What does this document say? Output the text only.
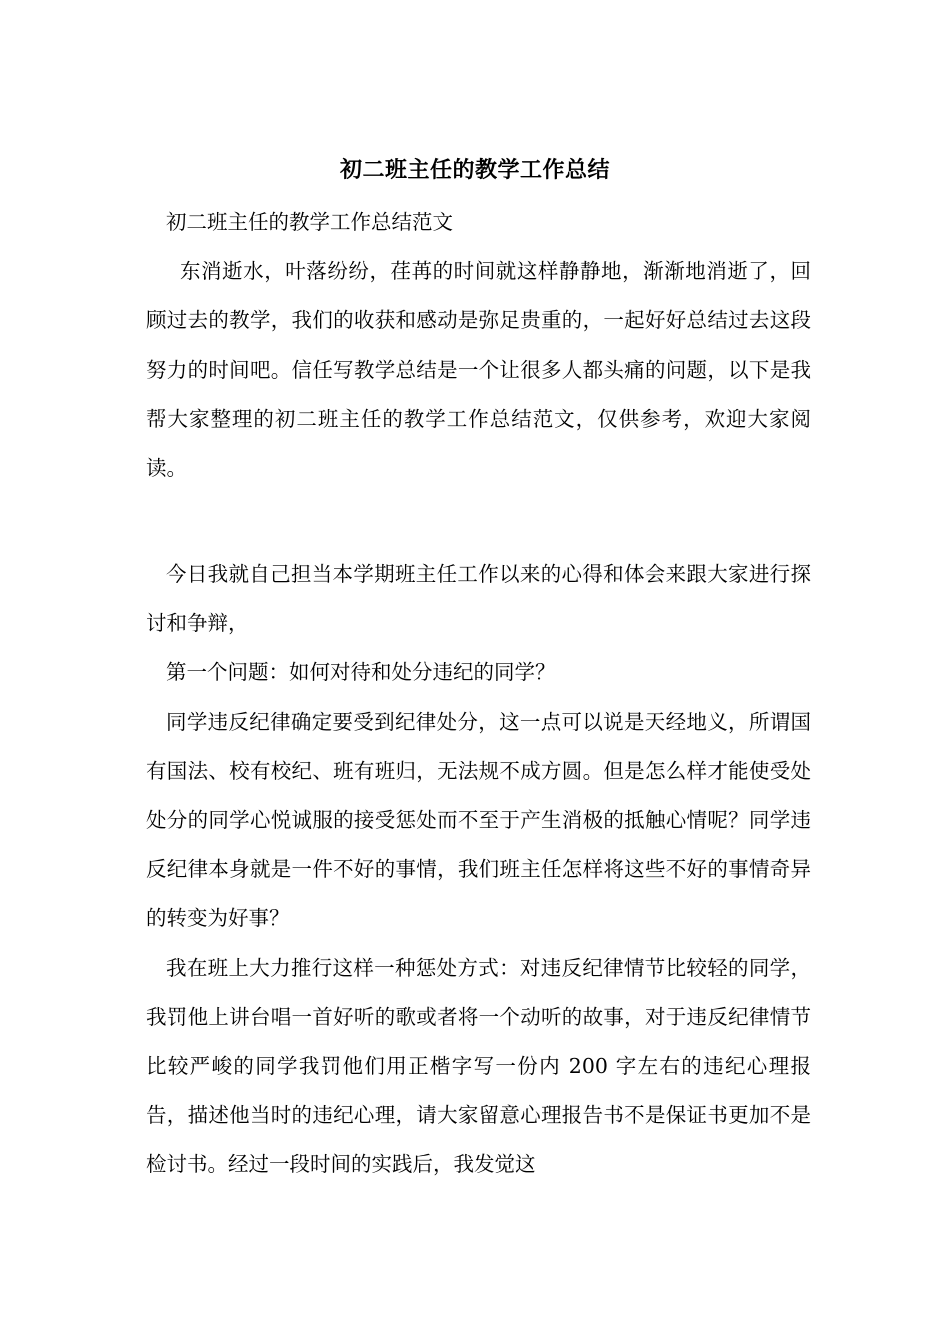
初二班主任的教学工作总结

初二班主任的教学工作总结范文

东消逝水，叶落纷纷，荏苒的时间就这样静静地，渐渐地消逝了，回顾过去的教学，我们的收获和感动是弥足贵重的，一起好好总结过去这段努力的时间吧。信任写教学总结是一个让很多人都头痛的问题，以下是我帮大家整理的初二班主任的教学工作总结范文，仅供参考，欢迎大家阅读。

今日我就自己担当本学期班主任工作以来的心得和体会来跟大家进行探讨和争辩，

第一个问题：如何对待和处分违纪的同学？

同学违反纪律确定要受到纪律处分，这一点可以说是天经地义，所谓国有国法、校有校纪、班有班归，无法规不成方圆。但是怎么样才能使受处处分的同学心悦诚服的接受惩处而不至于产生消极的抵触心情呢？同学违反纪律本身就是一件不好的事情，我们班主任怎样将这些不好的事情奇异的转变为好事？

我在班上大力推行这样一种惩处方式：对违反纪律情节比较轻的同学，我罚他上讲台唱一首好听的歌或者将一个动听的故事，对于违反纪律情节比较严峻的同学我罚他们用正楷字写一份内 200 字左右的违纪心理报告，描述他当时的违纪心理，请大家留意心理报告书不是保证书更加不是检讨书。经过一段时间的实践后，我发觉这
